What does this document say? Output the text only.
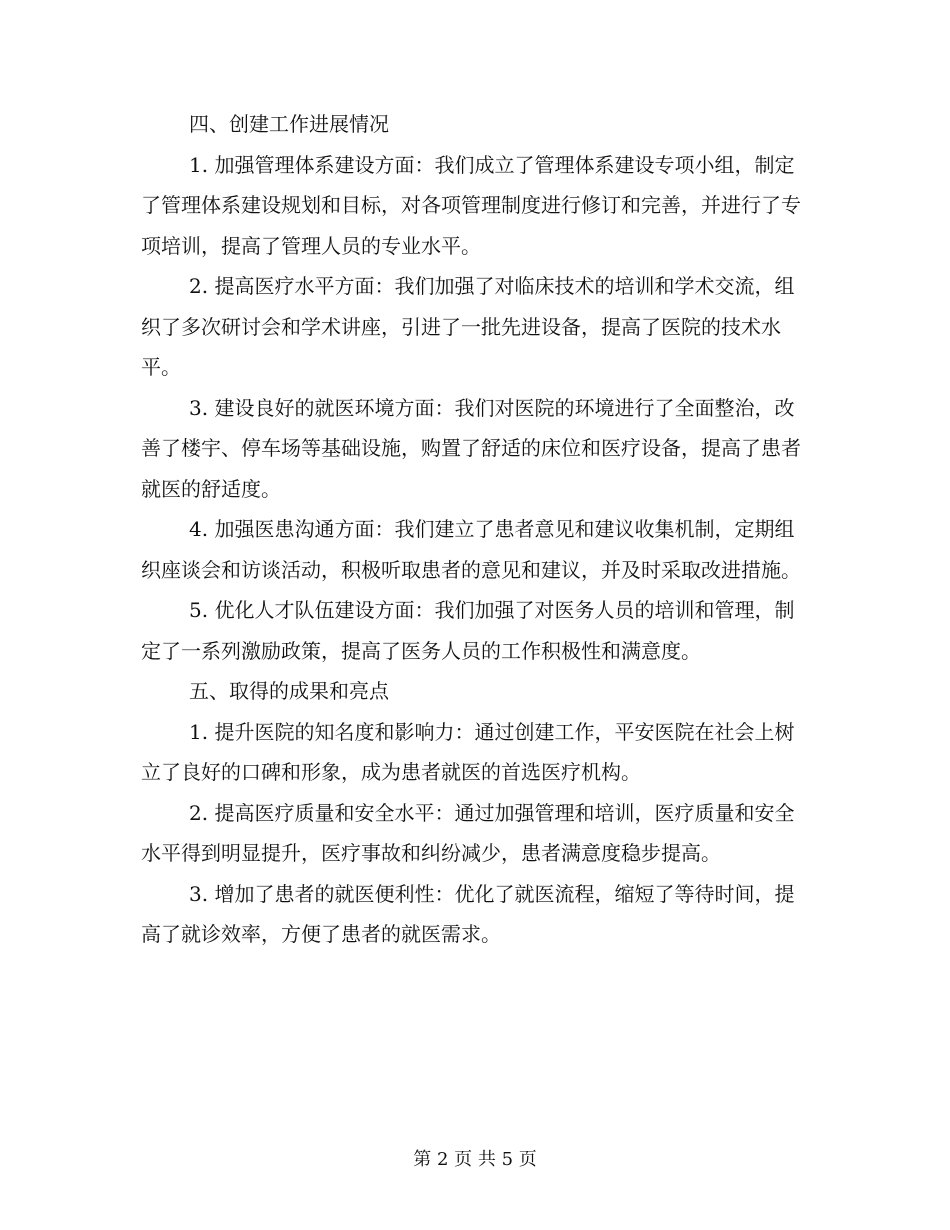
四、创建工作进展情况

1. 加强管理体系建设方面：我们成立了管理体系建设专项小组，制定了管理体系建设规划和目标，对各项管理制度进行修订和完善，并进行了专项培训，提高了管理人员的专业水平。

2. 提高医疗水平方面：我们加强了对临床技术的培训和学术交流，组织了多次研讨会和学术讲座，引进了一批先进设备，提高了医院的技术水平。

3. 建设良好的就医环境方面：我们对医院的环境进行了全面整治，改善了楼宇、停车场等基础设施，购置了舒适的床位和医疗设备，提高了患者就医的舒适度。

4. 加强医患沟通方面：我们建立了患者意见和建议收集机制，定期组织座谈会和访谈活动，积极听取患者的意见和建议，并及时采取改进措施。

5. 优化人才队伍建设方面：我们加强了对医务人员的培训和管理，制定了一系列激励政策，提高了医务人员的工作积极性和满意度。

五、取得的成果和亮点

1. 提升医院的知名度和影响力：通过创建工作，平安医院在社会上树立了良好的口碑和形象，成为患者就医的首选医疗机构。

2. 提高医疗质量和安全水平：通过加强管理和培训，医疗质量和安全水平得到明显提升，医疗事故和纠纷减少，患者满意度稳步提高。

3. 增加了患者的就医便利性：优化了就医流程，缩短了等待时间，提高了就诊效率，方便了患者的就医需求。

第 2 页 共 5 页
